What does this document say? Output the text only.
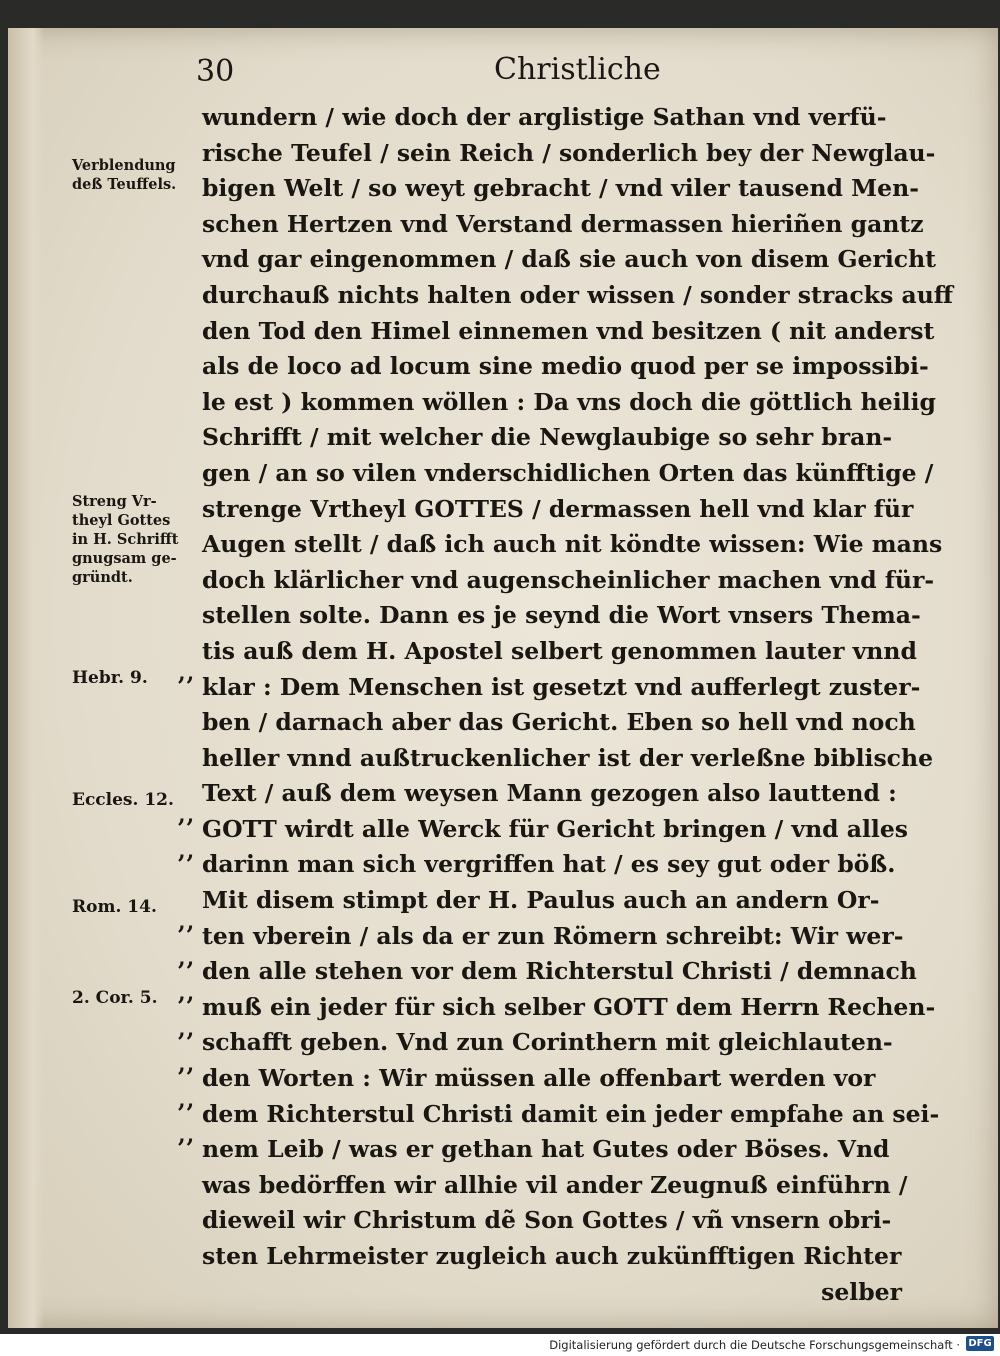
30	Christliche
wundern / wie doch der arglistige Sathan vnd verfü-
rische Teufel / sein Reich / sonderlich bey der Newglau-
bigen Welt / so weyt gebracht / vnd viler tausend Men-
schen Hertzen vnd Verstand dermassen hieriñen gantz
vnd gar eingenommen / daß sie auch von disem Gericht
durchauß nichts halten oder wissen / sonder stracks auff
den Tod den Himel einnemen vnd besitzen ( nit anderst
als de loco ad locum sine medio quod per se impossibi-
le est ) kommen wöllen : Da vns doch die göttlich heilig
Schrifft / mit welcher die Newglaubige so sehr bran-
gen / an so vilen vnderschidlichen Orten das künfftige /
strenge Vrtheyl GOTTES / dermassen hell vnd klar für
Augen stellt / daß ich auch nit köndte wissen: Wie mans
doch klärlicher vnd augenscheinlicher machen vnd für-
stellen solte. Dann es je seynd die Wort vnsers Thema-
tis auß dem H. Apostel selbert genommen lauter vnnd
klar : Dem Menschen ist gesetzt vnd aufferlegt zuster-
ben / darnach aber das Gericht. Eben so hell vnd noch
heller vnnd außtruckenlicher ist der verleßne biblische
Text / auß dem weysen Mann gezogen also lauttend :
GOTT wirdt alle Werck für Gericht bringen / vnd alles
darinn man sich vergriffen hat / es sey gut oder böß.
Mit disem stimpt der H. Paulus auch an andern Or-
ten vberein / als da er zun Römern schreibt: Wir wer-
den alle stehen vor dem Richterstul Christi / demnach
muß ein jeder für sich selber GOTT dem Herrn Rechen-
schafft geben. Vnd zun Corinthern mit gleichlauten-
den Worten : Wir müssen alle offenbart werden vor
dem Richterstul Christi damit ein jeder empfahe an sei-
nem Leib / was er gethan hat Gutes oder Böses. Vnd
was bedörffen wir allhie vil ander Zeugnuß einführn /
dieweil wir Christum dẽ Son Gottes / vñ vnsern obri-
sten Lehrmeister zugleich auch zukünfftigen Richter
selber
,,
,,
,,
,,
,,
,,
,,
,,
,,
,,
Verblendung
deß Teuffels.
Streng Vr-
theyl Gottes
in H. Schrifft
gnugsam ge-
gründt.
Hebr. 9.
Eccles. 12.
Rom. 14.
2. Cor. 5.
Digitalisierung gefördert durch die Deutsche Forschungsgemeinschaft · DFG
